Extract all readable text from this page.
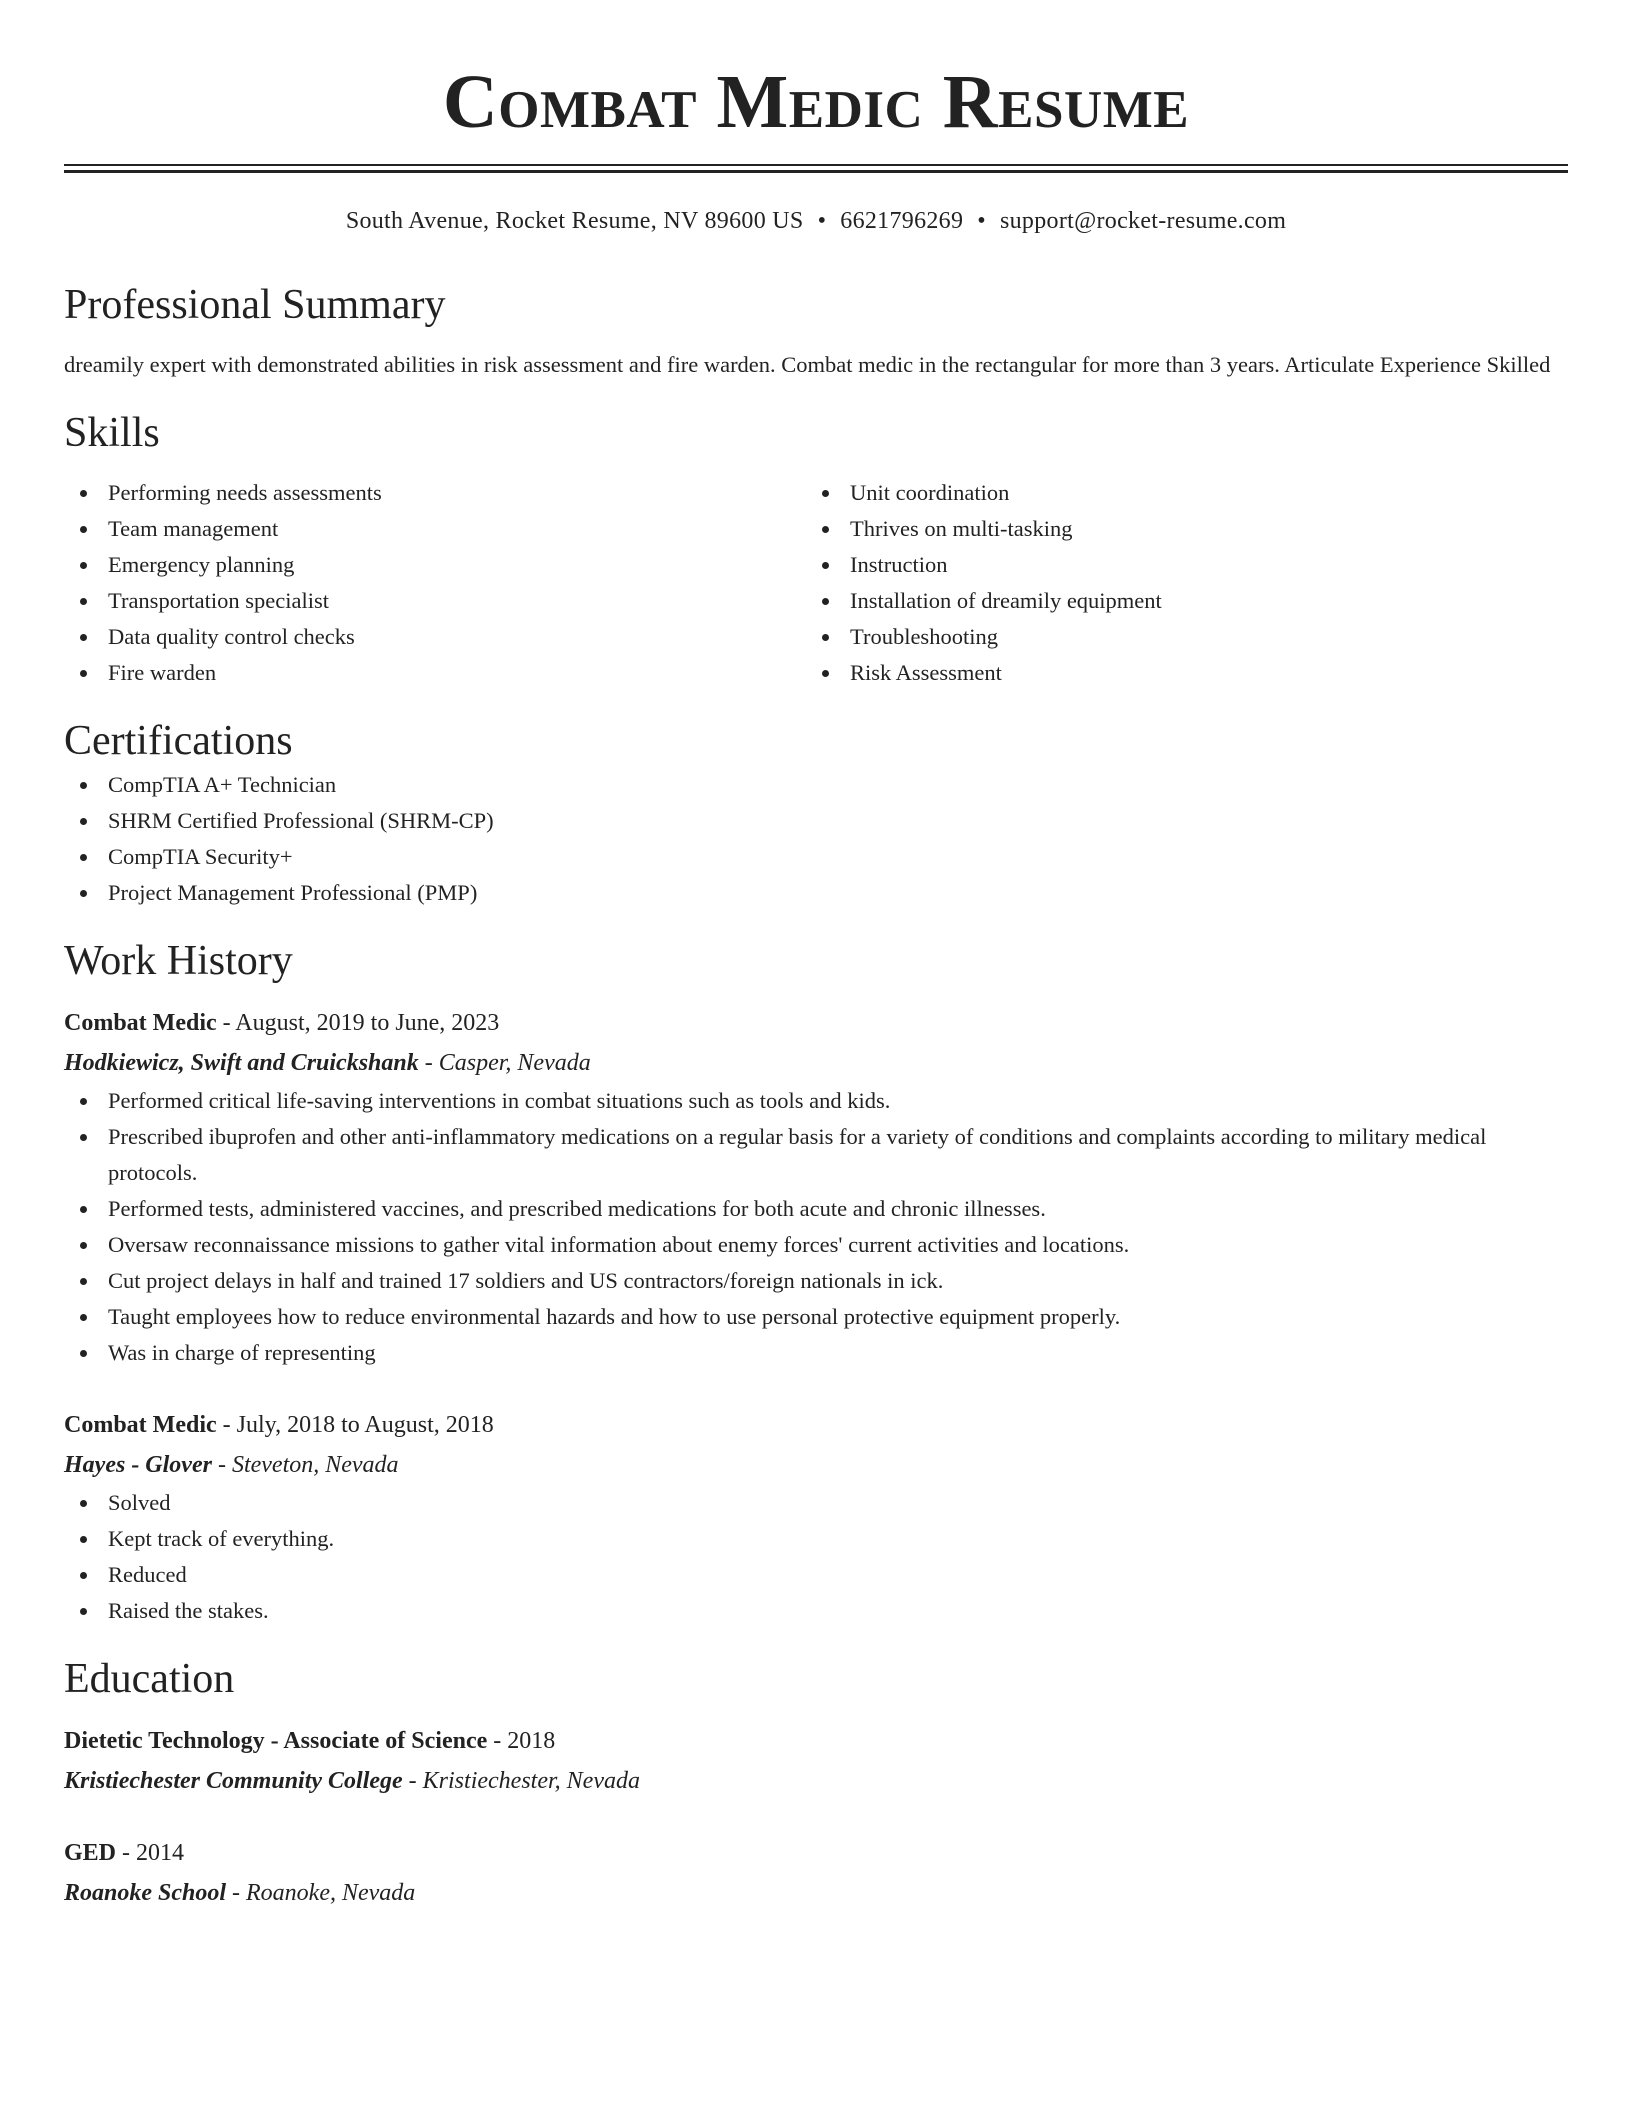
Combat Medic Resume
South Avenue, Rocket Resume, NV 89600 US • 6621796269 • support@rocket-resume.com
Professional Summary
dreamily expert with demonstrated abilities in risk assessment and fire warden. Combat medic in the rectangular for more than 3 years. Articulate Experience Skilled
Skills
Performing needs assessments
Team management
Emergency planning
Transportation specialist
Data quality control checks
Fire warden
Unit coordination
Thrives on multi-tasking
Instruction
Installation of dreamily equipment
Troubleshooting
Risk Assessment
Certifications
CompTIA A+ Technician
SHRM Certified Professional (SHRM-CP)
CompTIA Security+
Project Management Professional (PMP)
Work History
Combat Medic - August, 2019 to June, 2023
Hodkiewicz, Swift and Cruickshank - Casper, Nevada
Performed critical life-saving interventions in combat situations such as tools and kids.
Prescribed ibuprofen and other anti-inflammatory medications on a regular basis for a variety of conditions and complaints according to military medical protocols.
Performed tests, administered vaccines, and prescribed medications for both acute and chronic illnesses.
Oversaw reconnaissance missions to gather vital information about enemy forces' current activities and locations.
Cut project delays in half and trained 17 soldiers and US contractors/foreign nationals in ick.
Taught employees how to reduce environmental hazards and how to use personal protective equipment properly.
Was in charge of representing
Combat Medic - July, 2018 to August, 2018
Hayes - Glover - Steveton, Nevada
Solved
Kept track of everything.
Reduced
Raised the stakes.
Education
Dietetic Technology - Associate of Science - 2018
Kristiechester Community College - Kristiechester, Nevada
GED - 2014
Roanoke School - Roanoke, Nevada
